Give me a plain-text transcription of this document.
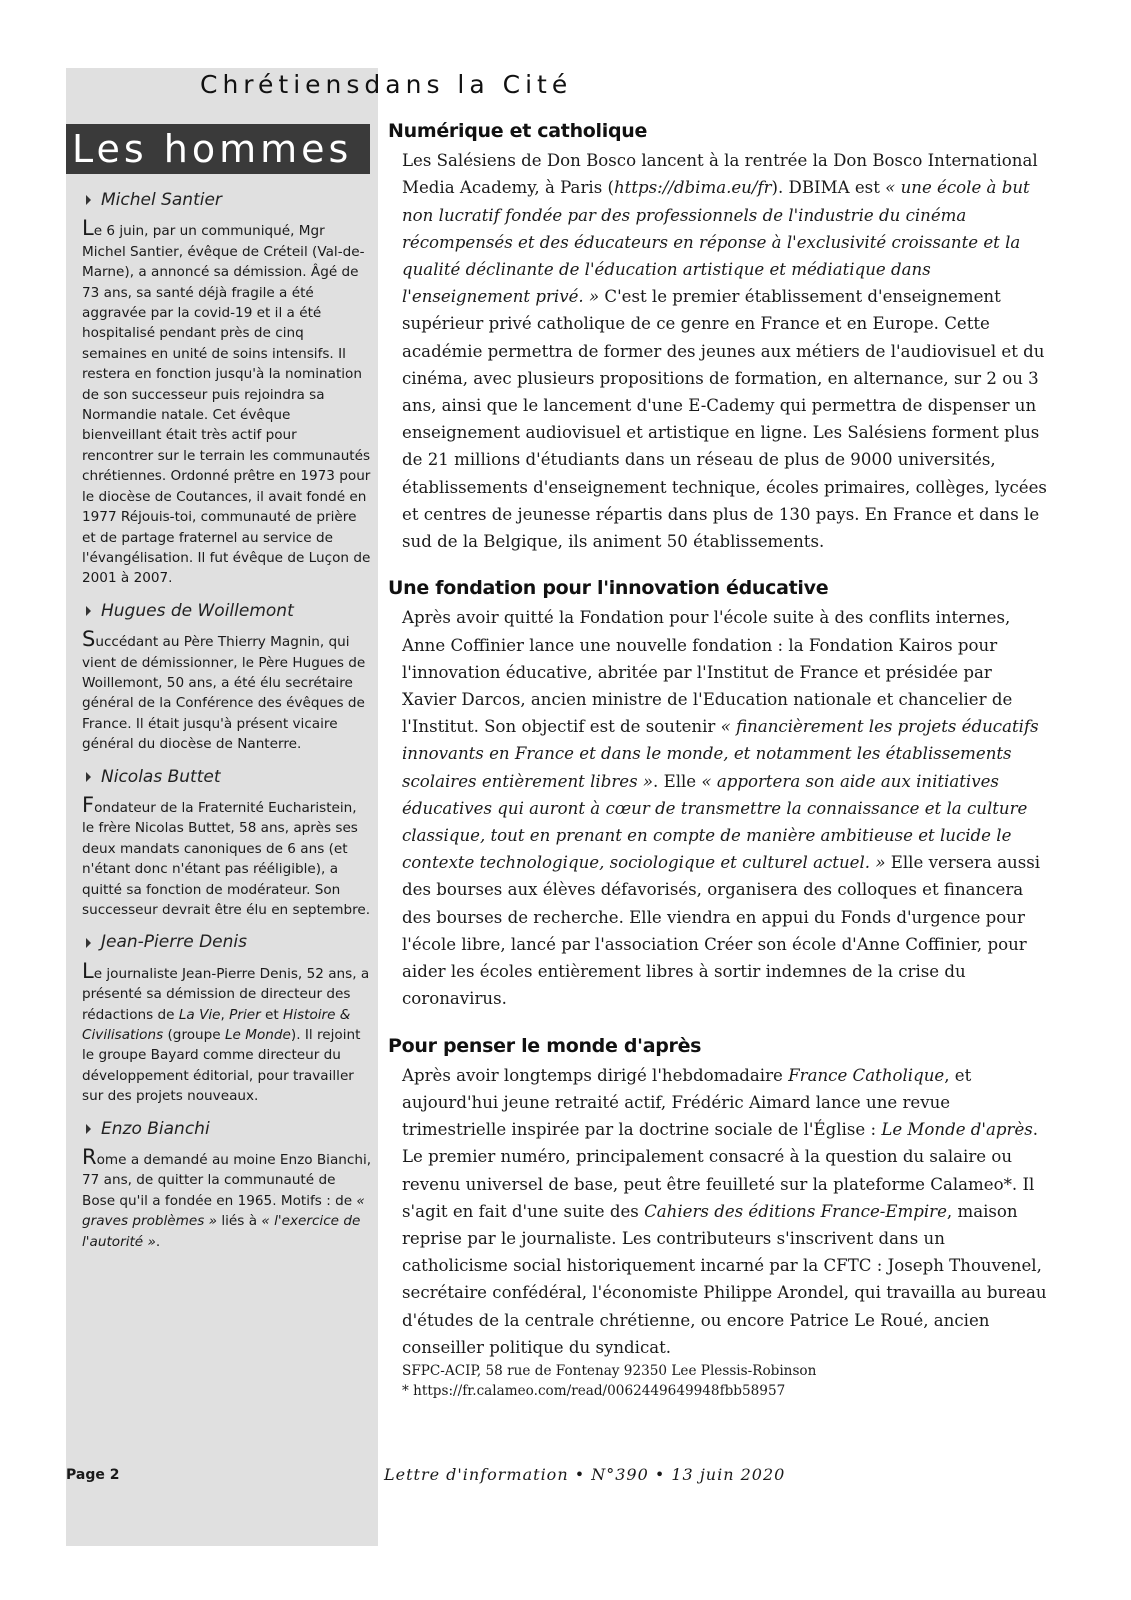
Chrétiensdans la Cité
Les hommes
Michel Santier

Le 6 juin, par un communiqué, Mgr Michel Santier, évêque de Créteil (Val-de-Marne), a annoncé sa démission. Âgé de 73 ans, sa santé déjà fragile a été aggravée par la covid-19 et il a été hospitalisé pendant près de cinq semaines en unité de soins intensifs. Il restera en fonction jusqu'à la nomination de son successeur puis rejoindra sa Normandie natale. Cet évêque bienveillant était très actif pour rencontrer sur le terrain les communautés chrétiennes. Ordonné prêtre en 1973 pour le diocèse de Coutances, il avait fondé en 1977 Réjouis-toi, communauté de prière et de partage fraternel au service de l'évangélisation. Il fut évêque de Luçon de 2001 à 2007.

Hugues de Woillemont

Succédant au Père Thierry Magnin, qui vient de démissionner, le Père Hugues de Woillemont, 50 ans, a été élu secrétaire général de la Conférence des évêques de France. Il était jusqu'à présent vicaire général du diocèse de Nanterre.

Nicolas Buttet

Fondateur de la Fraternité Eucharistein, le frère Nicolas Buttet, 58 ans, après ses deux mandats canoniques de 6 ans (et n'étant donc n'étant pas rééligible), a quitté sa fonction de modérateur. Son successeur devrait être élu en septembre.

Jean-Pierre Denis

Le journaliste Jean-Pierre Denis, 52 ans, a présenté sa démission de directeur des rédactions de La Vie, Prier et Histoire & Civilisations (groupe Le Monde). Il rejoint le groupe Bayard comme directeur du développement éditorial, pour travailler sur des projets nouveaux.

Enzo Bianchi

Rome a demandé au moine Enzo Bianchi, 77 ans, de quitter la communauté de Bose qu'il a fondée en 1965. Motifs : de « graves problèmes » liés à « l'exercice de l'autorité ».

Numérique et catholique

Les Salésiens de Don Bosco lancent à la rentrée la Don Bosco International Media Academy, à Paris (https://dbima.eu/fr). DBIMA est « une école à but non lucratif fondée par des professionnels de l'industrie du cinéma récompensés et des éducateurs en réponse à l'exclusivité croissante et la qualité déclinante de l'éducation artistique et médiatique dans l'enseignement privé. » C'est le premier établissement d'enseignement supérieur privé catholique de ce genre en France et en Europe. Cette académie permettra de former des jeunes aux métiers de l'audiovisuel et du cinéma, avec plusieurs propositions de formation, en alternance, sur 2 ou 3 ans, ainsi que le lancement d'une E-Cademy qui permettra de dispenser un enseignement audiovisuel et artistique en ligne. Les Salésiens forment plus de 21 millions d'étudiants dans un réseau de plus de 9000 universités, établissements d'enseignement technique, écoles primaires, collèges, lycées et centres de jeunesse répartis dans plus de 130 pays. En France et dans le sud de la Belgique, ils animent 50 établissements.

Une fondation pour l'innovation éducative

Après avoir quitté la Fondation pour l'école suite à des conflits internes, Anne Coffinier lance une nouvelle fondation : la Fondation Kairos pour l'innovation éducative, abritée par l'Institut de France et présidée par Xavier Darcos, ancien ministre de l'Education nationale et chancelier de l'Institut. Son objectif est de soutenir « financièrement les projets éducatifs innovants en France et dans le monde, et notamment les établissements scolaires entièrement libres ». Elle « apportera son aide aux initiatives éducatives qui auront à cœur de transmettre la connaissance et la culture classique, tout en prenant en compte de manière ambitieuse et lucide le contexte technologique, sociologique et culturel actuel. » Elle versera aussi des bourses aux élèves défavorisés, organisera des colloques et financera des bourses de recherche. Elle viendra en appui du Fonds d'urgence pour l'école libre, lancé par l'association Créer son école d'Anne Coffinier, pour aider les écoles entièrement libres à sortir indemnes de la crise du coronavirus.

Pour penser le monde d'après

Après avoir longtemps dirigé l'hebdomadaire France Catholique, et aujourd'hui jeune retraité actif, Frédéric Aimard lance une revue trimestrielle inspirée par la doctrine sociale de l'Église : Le Monde d'après. Le premier numéro, principalement consacré à la question du salaire ou revenu universel de base, peut être feuilleté sur la plateforme Calameo*. Il s'agit en fait d'une suite des Cahiers des éditions France-Empire, maison reprise par le journaliste. Les contributeurs s'inscrivent dans un catholicisme social historiquement incarné par la CFTC : Joseph Thouvenel, secrétaire confédéral, l'économiste Philippe Arondel, qui travailla au bureau d'études de la centrale chrétienne, ou encore Patrice Le Roué, ancien conseiller politique du syndicat.

SFPC-ACIP, 58 rue de Fontenay 92350 Lee Plessis-Robinson
* https://fr.calameo.com/read/0062449649948fbb58957
Page 2	Lettre d'information • N°390 • 13 juin 2020
